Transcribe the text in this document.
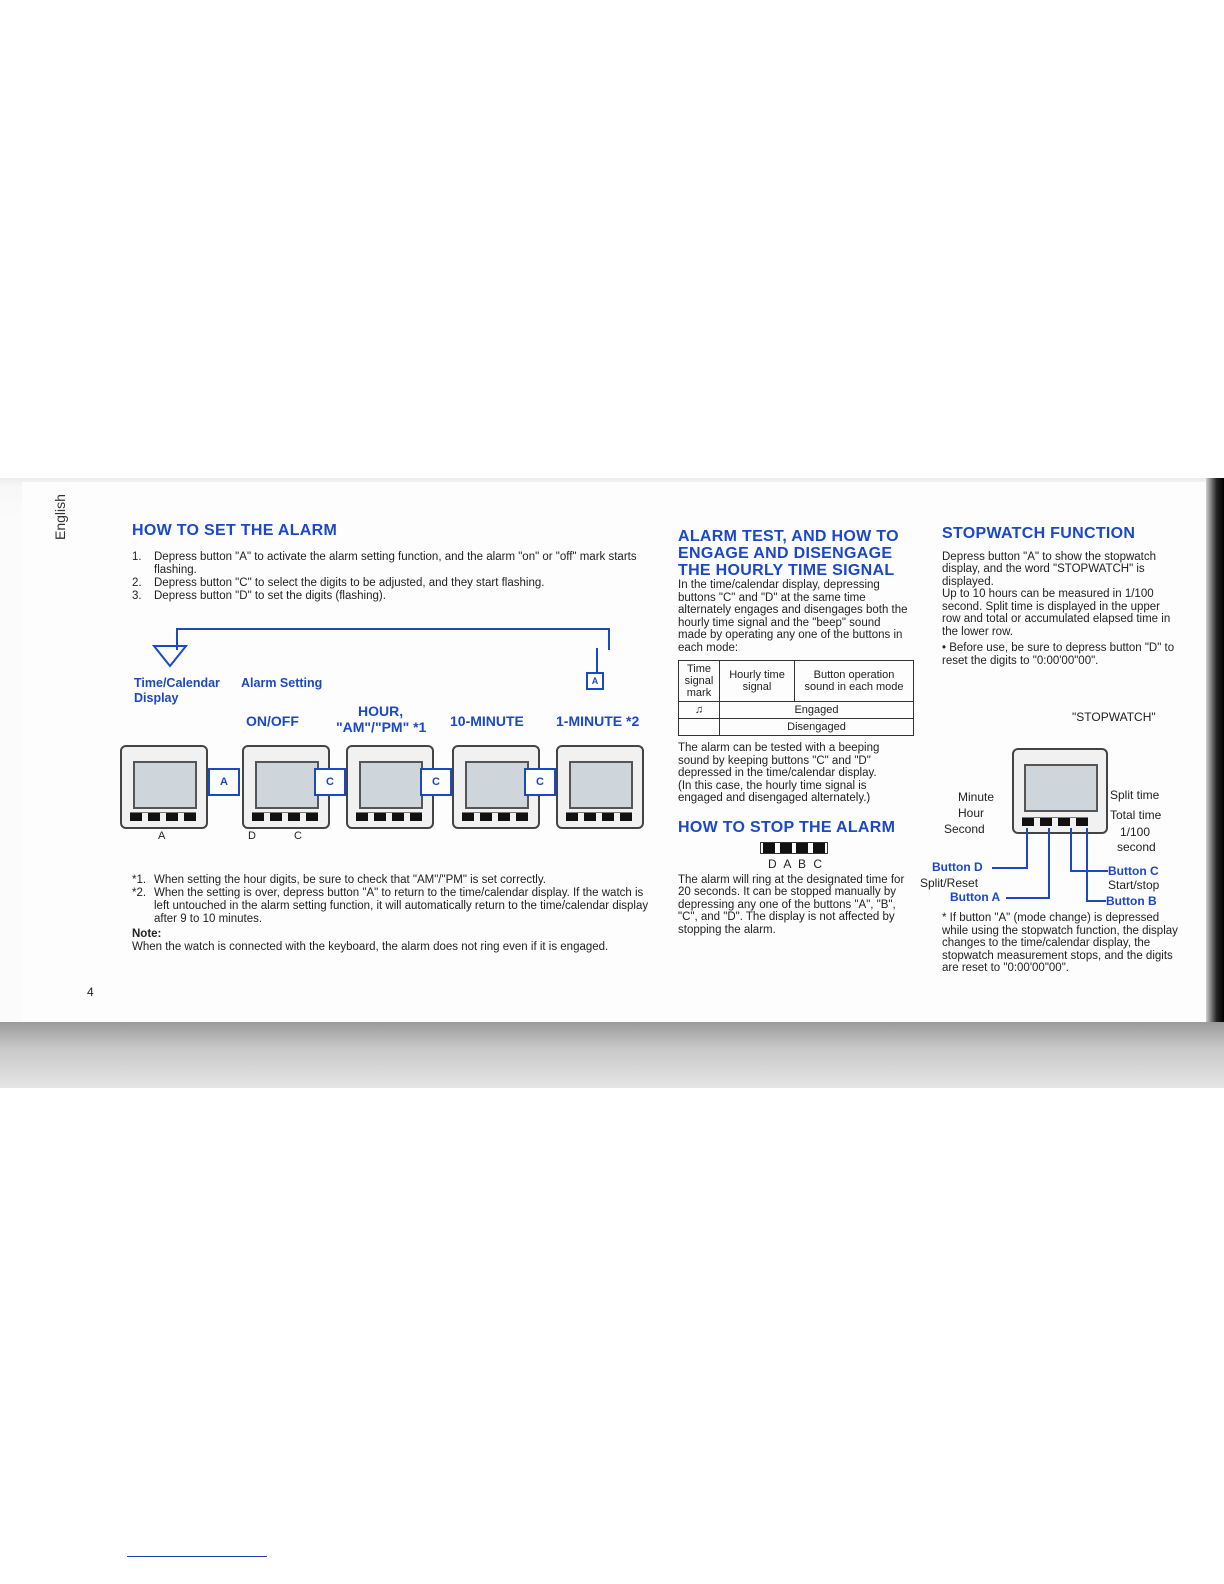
English
4
HOW TO SET THE ALARM
1.	Depress button "A" to activate the alarm setting function, and the alarm "on" or "off" mark starts flashing.
2.	Depress button "C" to select the digits to be adjusted, and they start flashing.
3.	Depress button "D" to set the digits (flashing).
A
Time/Calendar
Display
Alarm Setting
HOUR,
ON/OFF	"AM"/"PM" *1 10-MINUTE 1-MINUTE *2
A	C	C	C
A	D	C
*1. When setting the hour digits, be sure to check that "AM"/"PM" is set correctly.
*2. When the setting is over, depress button "A" to return to the time/calendar display. If the watch is left untouched in the alarm setting function, it will automatically return to the time/calendar display after 9 to 10 minutes.
Note:
When the watch is connected with the keyboard, the alarm does not ring even if it is engaged.
ALARM TEST, AND HOW TO
ENGAGE AND DISENGAGE
THE HOURLY TIME SIGNAL
In the time/calendar display, depressing buttons "C" and "D" at the same time alternately engages and disengages both the hourly time signal and the "beep" sound made by operating any one of the buttons in each mode:
Time signal mark	Hourly time signal	Button operation sound in each mode
♫	Engaged	
	Disengaged	
The alarm can be tested with a beeping sound by keeping buttons "C" and "D" depressed in the time/calendar display.
(In this case, the hourly time signal is engaged and disengaged alternately.)
HOW TO STOP THE ALARM
D A B C
The alarm will ring at the designated time for 20 seconds. It can be stopped manually by depressing any one of the buttons "A", "B", "C", and "D". The display is not affected by stopping the alarm.
STOPWATCH FUNCTION
Depress button "A" to show the stopwatch display, and the word "STOPWATCH" is displayed.
Up to 10 hours can be measured in 1/100 second. Split time is displayed in the upper row and total or accumulated elapsed time in the lower row.
• Before use, be sure to depress button "D" to reset the digits to "0:00'00"00".
"STOPWATCH"
Minute
Hour
Second
Split time
Total time
1/100
second
Button D
Split/Reset
Button A
Button C
Start/stop
Button B
* If button "A" (mode change) is depressed while using the stopwatch function, the display changes to the time/calendar display, the stopwatch measurement stops, and the digits are reset to "0:00'00"00".
